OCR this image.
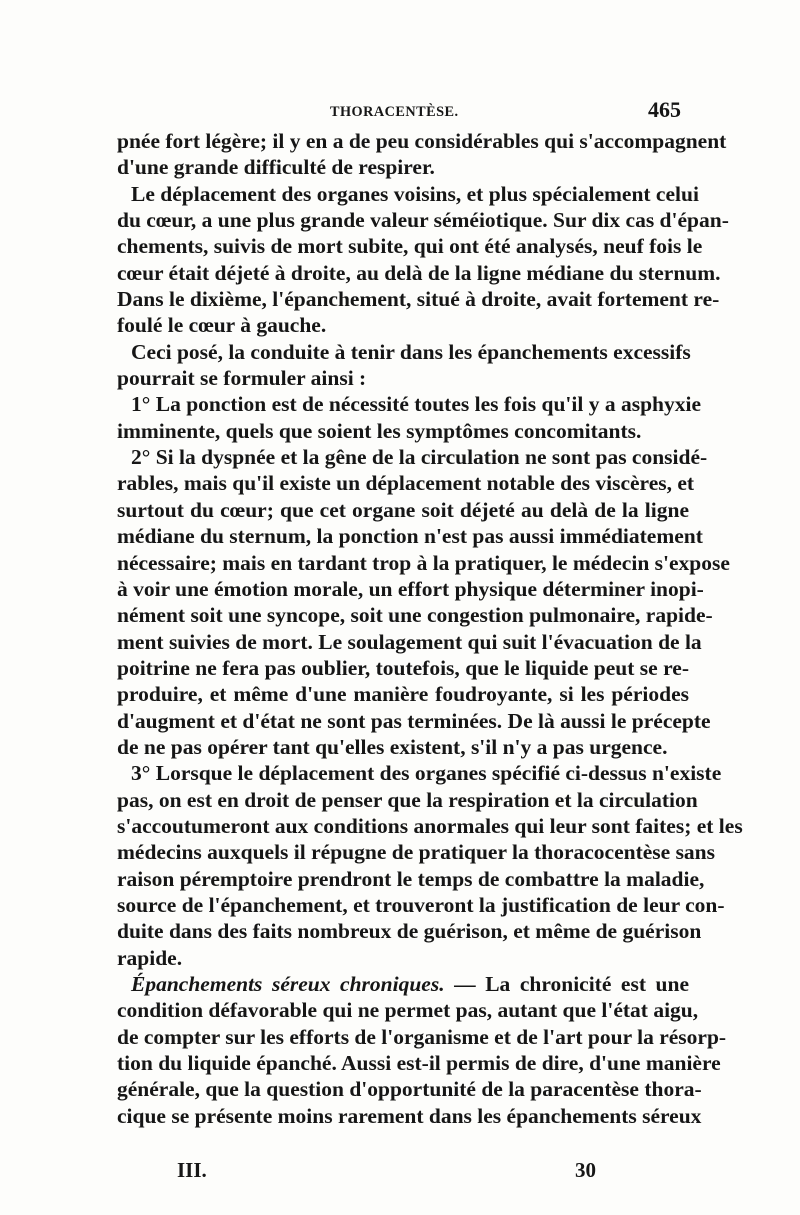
THORACENTÈSE.	465
pnée fort légère; il y en a de peu considérables qui s'accompagnent
d'une grande difficulté de respirer.
Le déplacement des organes voisins, et plus spécialement celui
du cœur, a une plus grande valeur séméiotique. Sur dix cas d'épan-
chements, suivis de mort subite, qui ont été analysés, neuf fois le
cœur était déjeté à droite, au delà de la ligne médiane du sternum.
Dans le dixième, l'épanchement, situé à droite, avait fortement re-
foulé le cœur à gauche.
Ceci posé, la conduite à tenir dans les épanchements excessifs
pourrait se formuler ainsi :
1° La ponction est de nécessité toutes les fois qu'il y a asphyxie
imminente, quels que soient les symptômes concomitants.
2° Si la dyspnée et la gêne de la circulation ne sont pas considé-
rables, mais qu'il existe un déplacement notable des viscères, et
surtout du cœur; que cet organe soit déjeté au delà de la ligne
médiane du sternum, la ponction n'est pas aussi immédiatement
nécessaire; mais en tardant trop à la pratiquer, le médecin s'expose
à voir une émotion morale, un effort physique déterminer inopi-
nément soit une syncope, soit une congestion pulmonaire, rapide-
ment suivies de mort. Le soulagement qui suit l'évacuation de la
poitrine ne fera pas oublier, toutefois, que le liquide peut se re-
produire, et même d'une manière foudroyante, si les périodes
d'augment et d'état ne sont pas terminées. De là aussi le précepte
de ne pas opérer tant qu'elles existent, s'il n'y a pas urgence.
3° Lorsque le déplacement des organes spécifié ci-dessus n'existe
pas, on est en droit de penser que la respiration et la circulation
s'accoutumeront aux conditions anormales qui leur sont faites; et les
médecins auxquels il répugne de pratiquer la thoracocentèse sans
raison péremptoire prendront le temps de combattre la maladie,
source de l'épanchement, et trouveront la justification de leur con-
duite dans des faits nombreux de guérison, et même de guérison
rapide.
Épanchements séreux chroniques. — La chronicité est une
condition défavorable qui ne permet pas, autant que l'état aigu,
de compter sur les efforts de l'organisme et de l'art pour la résorp-
tion du liquide épanché. Aussi est-il permis de dire, d'une manière
générale, que la question d'opportunité de la paracentèse thora-
cique se présente moins rarement dans les épanchements séreux
III.	30
